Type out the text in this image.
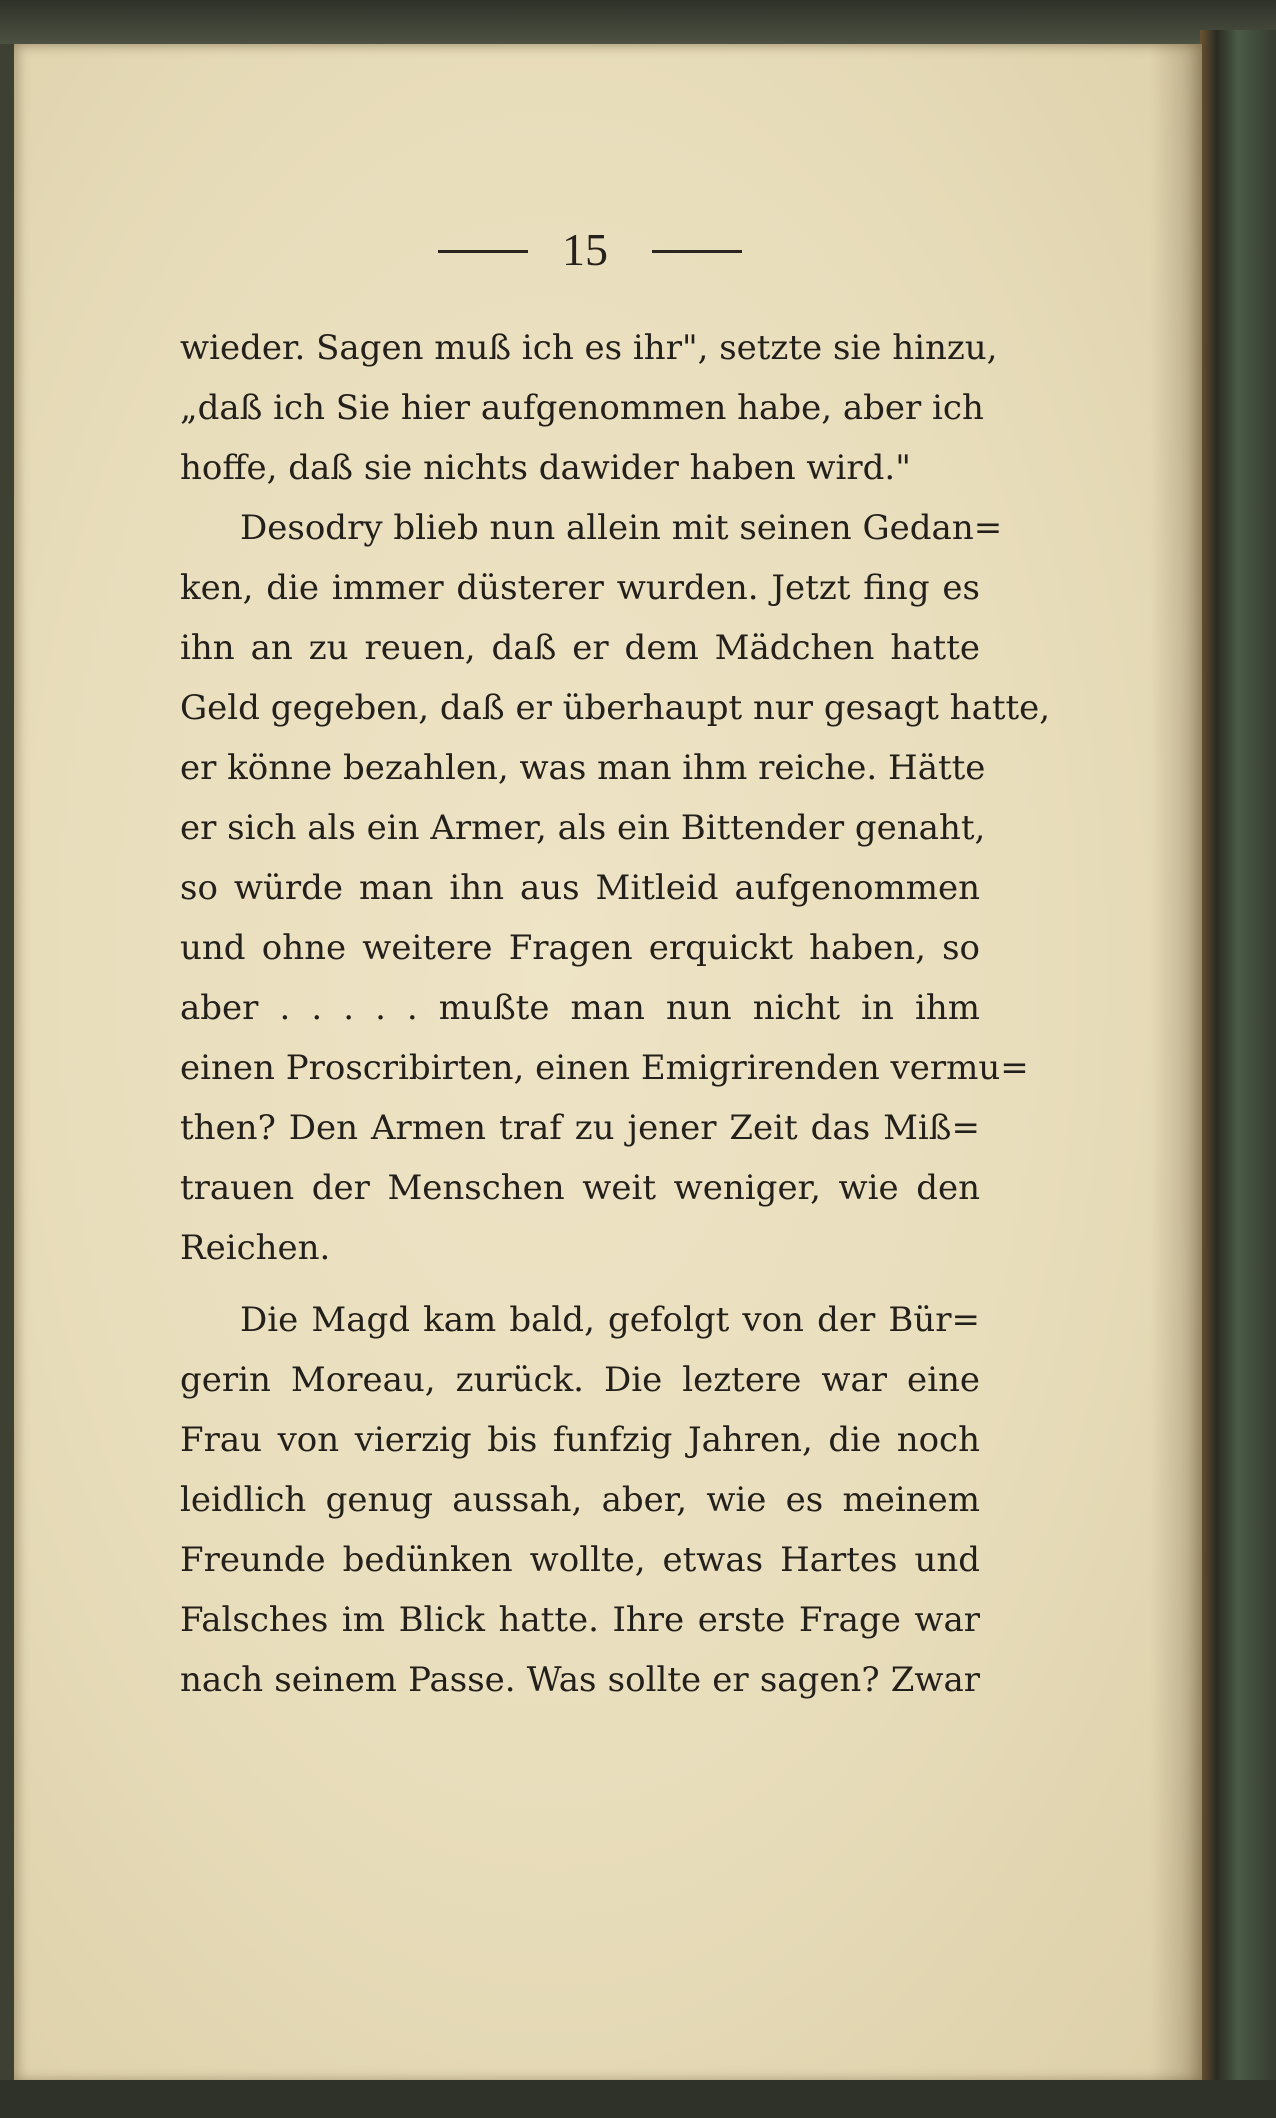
15

wieder. Sagen muß ich es ihr", setzte sie hinzu,
„daß ich Sie hier aufgenommen habe, aber ich
hoffe, daß sie nichts dawider haben wird."

Desodry blieb nun allein mit seinen Gedan=
ken, die immer düsterer wurden. Jetzt fing es
ihn an zu reuen, daß er dem Mädchen hatte
Geld gegeben, daß er überhaupt nur gesagt hatte,
er könne bezahlen, was man ihm reiche. Hätte
er sich als ein Armer, als ein Bittender genaht,
so würde man ihn aus Mitleid aufgenommen
und ohne weitere Fragen erquickt haben, so
aber . . . . . mußte man nun nicht in ihm
einen Proscribirten, einen Emigrirenden vermu=
then? Den Armen traf zu jener Zeit das Miß=
trauen der Menschen weit weniger, wie den
Reichen.

Die Magd kam bald, gefolgt von der Bür=
gerin Moreau, zurück. Die leztere war eine
Frau von vierzig bis funfzig Jahren, die noch
leidlich genug aussah, aber, wie es meinem
Freunde bedünken wollte, etwas Hartes und
Falsches im Blick hatte. Ihre erste Frage war
nach seinem Passe. Was sollte er sagen? Zwar
